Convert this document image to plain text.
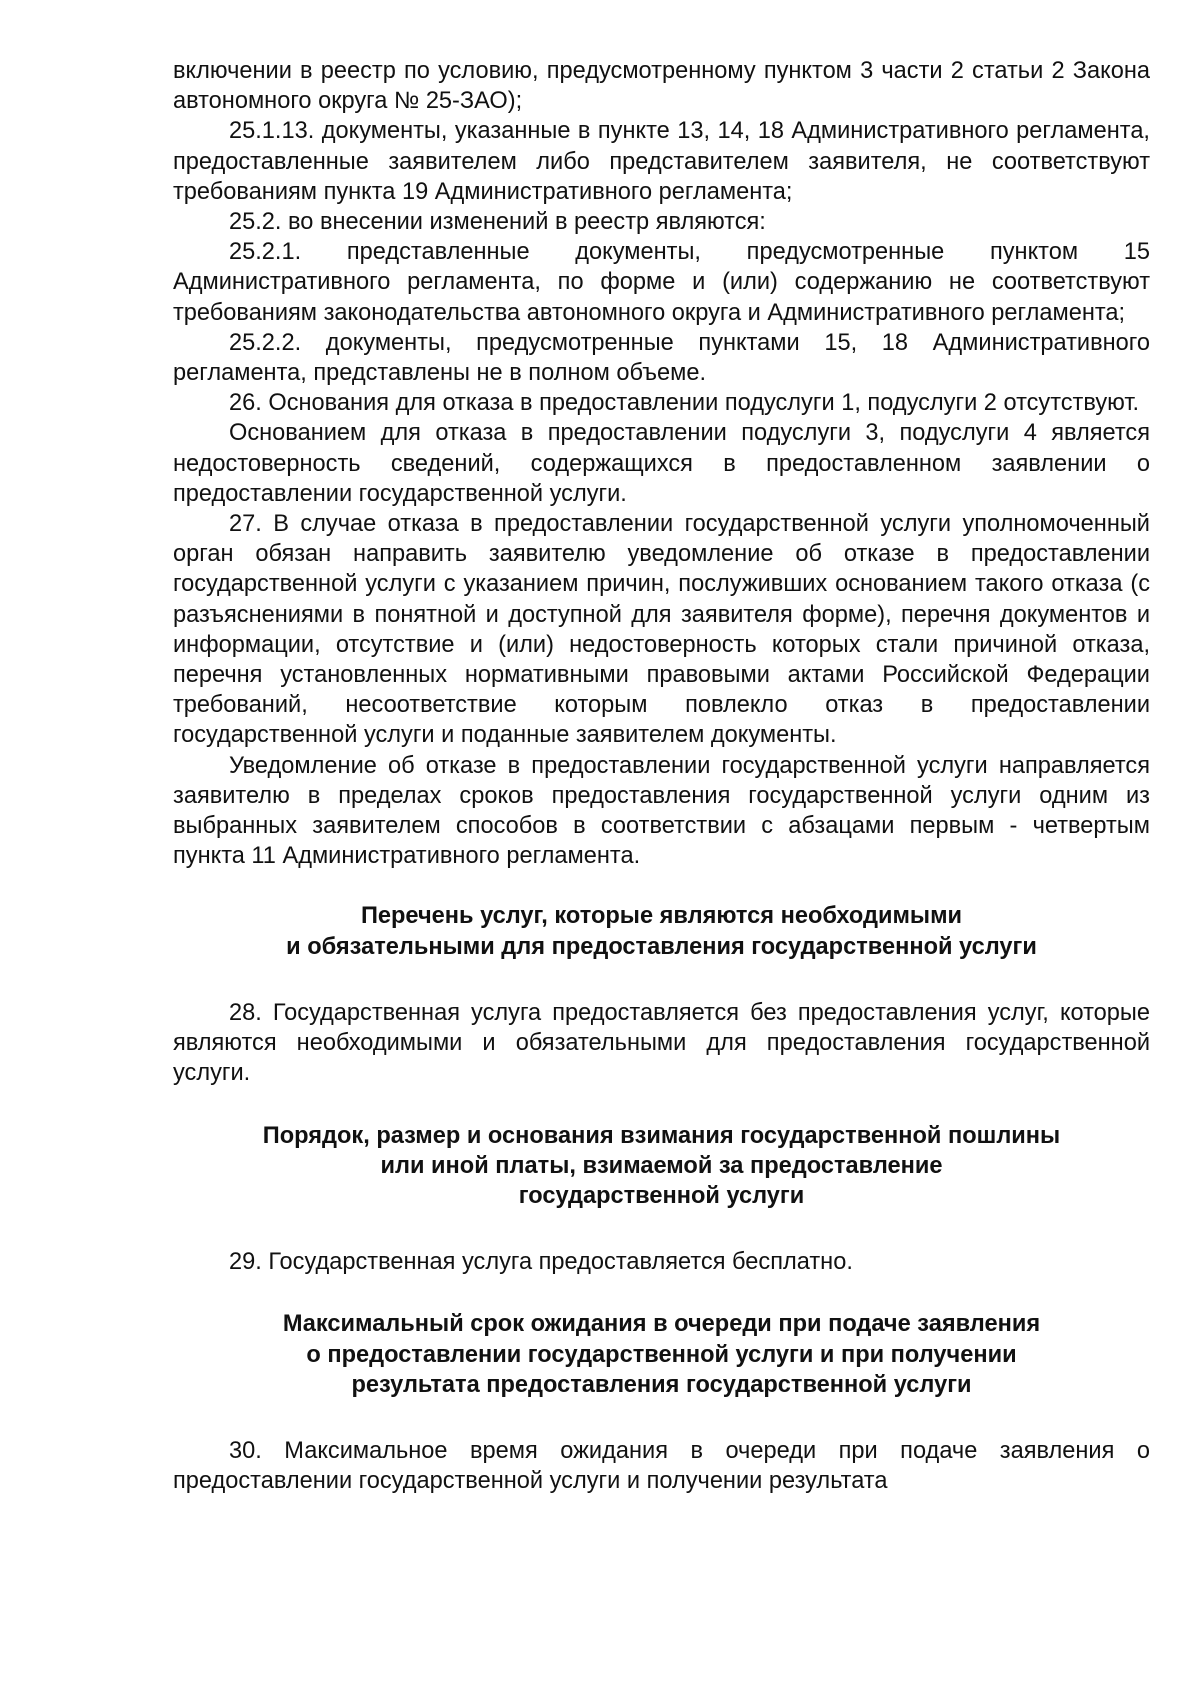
включении в реестр по условию, предусмотренному пунктом 3 части 2 статьи 2 Закона автономного округа № 25-ЗАО);

25.1.13. документы, указанные в пункте 13, 14, 18 Административного регламента, предоставленные заявителем либо представителем заявителя, не соответствуют требованиям пункта 19 Административного регламента;

25.2. во внесении изменений в реестр являются:

25.2.1. представленные документы, предусмотренные пунктом 15 Административного регламента, по форме и (или) содержанию не соответствуют требованиям законодательства автономного округа и Административного регламента;

25.2.2. документы, предусмотренные пунктами 15, 18 Административного регламента, представлены не в полном объеме.

26. Основания для отказа в предоставлении подуслуги 1, подуслуги 2 отсутствуют.

Основанием для отказа в предоставлении подуслуги 3, подуслуги 4 является недостоверность сведений, содержащихся в предоставленном заявлении о предоставлении государственной услуги.

27. В случае отказа в предоставлении государственной услуги уполномоченный орган обязан направить заявителю уведомление об отказе в предоставлении государственной услуги с указанием причин, послуживших основанием такого отказа (с разъяснениями в понятной и доступной для заявителя форме), перечня документов и информации, отсутствие и (или) недостоверность которых стали причиной отказа, перечня установленных нормативными правовыми актами Российской Федерации требований, несоответствие которым повлекло отказ в предоставлении государственной услуги и поданные заявителем документы.

Уведомление об отказе в предоставлении государственной услуги направляется заявителю в пределах сроков предоставления государственной услуги одним из выбранных заявителем способов в соответствии с абзацами первым - четвертым пункта 11 Административного регламента.

Перечень услуг, которые являются необходимыми

и обязательными для предоставления государственной услуги

28. Государственная услуга предоставляется без предоставления услуг, которые являются необходимыми и обязательными для предоставления государственной услуги.

Порядок, размер и основания взимания государственной пошлины

или иной платы, взимаемой за предоставление

государственной услуги

29. Государственная услуга предоставляется бесплатно.

Максимальный срок ожидания в очереди при подаче заявления

о предоставлении государственной услуги и при получении

результата предоставления государственной услуги

30. Максимальное время ожидания в очереди при подаче заявления о предоставлении государственной услуги и получении результата
